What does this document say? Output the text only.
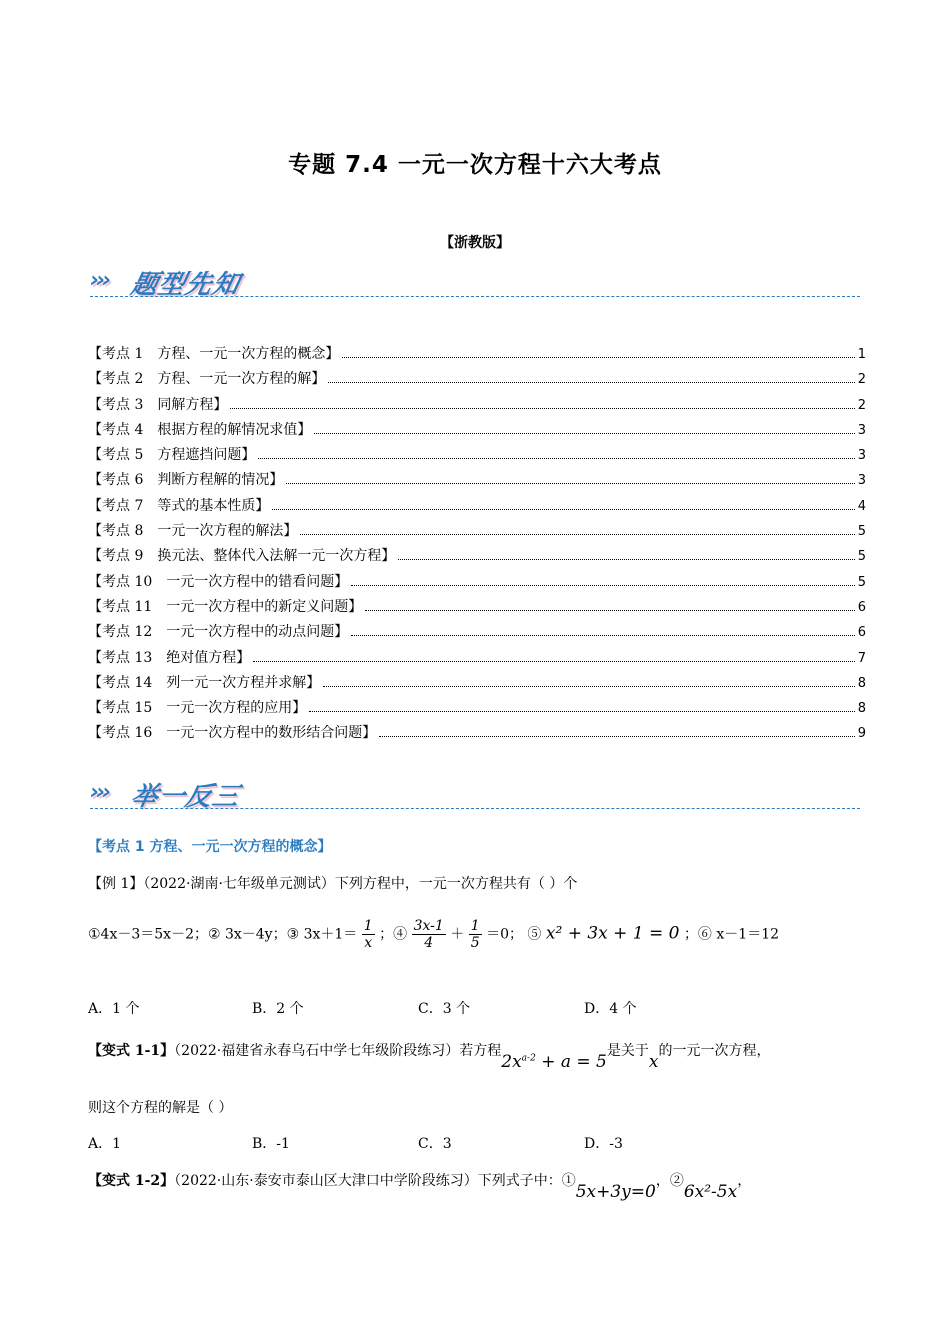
专题 7.4 一元一次方程十六大考点
【浙教版】
››› 题型先知
【考点 1 方程、一元一次方程的概念】	1
【考点 2 方程、一元一次方程的解】	2
【考点 3 同解方程】	2
【考点 4 根据方程的解情况求值】	3
【考点 5 方程遮挡问题】	3
【考点 6 判断方程解的情况】	3
【考点 7 等式的基本性质】	4
【考点 8 一元一次方程的解法】	5
【考点 9 换元法、整体代入法解一元一次方程】	5
【考点 10 一元一次方程中的错看问题】	5
【考点 11 一元一次方程中的新定义问题】	6
【考点 12 一元一次方程中的动点问题】	6
【考点 13 绝对值方程】	7
【考点 14 列一元一次方程并求解】	8
【考点 15 一元一次方程的应用】	8
【考点 16 一元一次方程中的数形结合问题】	9
››› 举一反三
【考点 1 方程、一元一次方程的概念】
【例 1】（2022·湖南·七年级单元测试）下列方程中，一元一次方程共有（ ）个
①4x－3＝5x－2；② 3x－4y；③ $3x+1= \frac{1}{x}$ ；④ $\frac{3x-1}{4} + \frac{1}{5} =0$； ⑤ x² + 3x + 1 = 0 ；⑥ x－1＝12
A．1 个	B．2 个	C．3 个	D．4 个
【变式 1-1】（2022·福建省永春乌石中学七年级阶段练习）若方程$2x^{a-2} + a = 5$是关于x的一元一次方程，
则这个方程的解是（ ）
A．1	B．-1	C．3	D．-3
【变式 1-2】（2022·山东·泰安市泰山区大津口中学阶段练习）下列式子中：①5x+3y=0，②6x²-5x，
